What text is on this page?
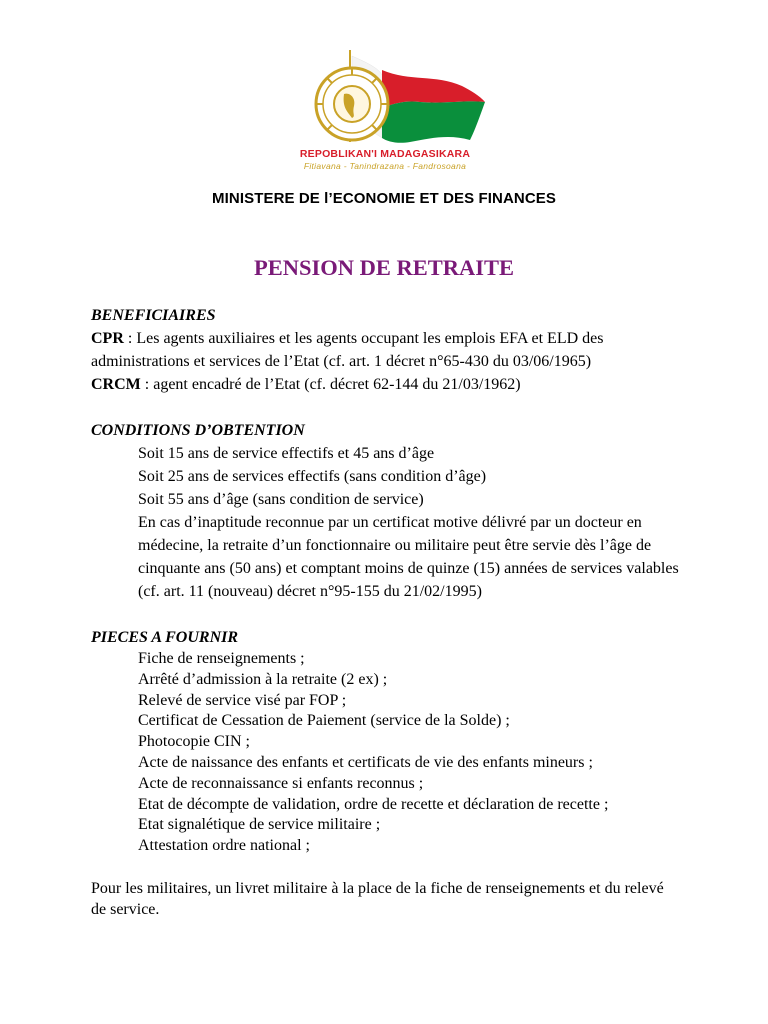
REPOBLIKAN'I MADAGASIKARA
Fitiavana - Tanindrazana - Fandrosoana
MINISTERE DE l’ECONOMIE ET DES FINANCES
PENSION DE RETRAITE

BENEFICIAIRES

CPR : Les agents auxiliaires et les agents occupant les emplois EFA et ELD des administrations et services de l’Etat (cf. art. 1 décret n°65-430 du 03/06/1965)

CRCM : agent encadré de l’Etat (cf. décret 62-144 du 21/03/1962)

CONDITIONS D’OBTENTION

Soit 15 ans de service effectifs et 45 ans d’âge

Soit 25 ans de services effectifs (sans condition d’âge)

Soit 55 ans d’âge (sans condition de service)

En cas d’inaptitude reconnue par un certificat motive délivré par un docteur en médecine, la retraite d’un fonctionnaire ou militaire peut être servie dès l’âge de cinquante ans (50 ans) et comptant moins de quinze (15) années de services valables (cf. art. 11 (nouveau) décret n°95-155 du 21/02/1995)

PIECES A FOURNIR

Fiche de renseignements ;

Arrêté d’admission à la retraite (2 ex) ;

Relevé de service visé par FOP ;

Certificat de Cessation de Paiement (service de la Solde) ;

Photocopie CIN ;

Acte de naissance des enfants et certificats de vie des enfants mineurs ;

Acte de reconnaissance si enfants reconnus ;

Etat de décompte de validation, ordre de recette et déclaration de recette ;

Etat signalétique de service militaire ;

Attestation ordre national ;

Pour les militaires, un livret militaire à la place de la fiche de renseignements et du relevé de service.
